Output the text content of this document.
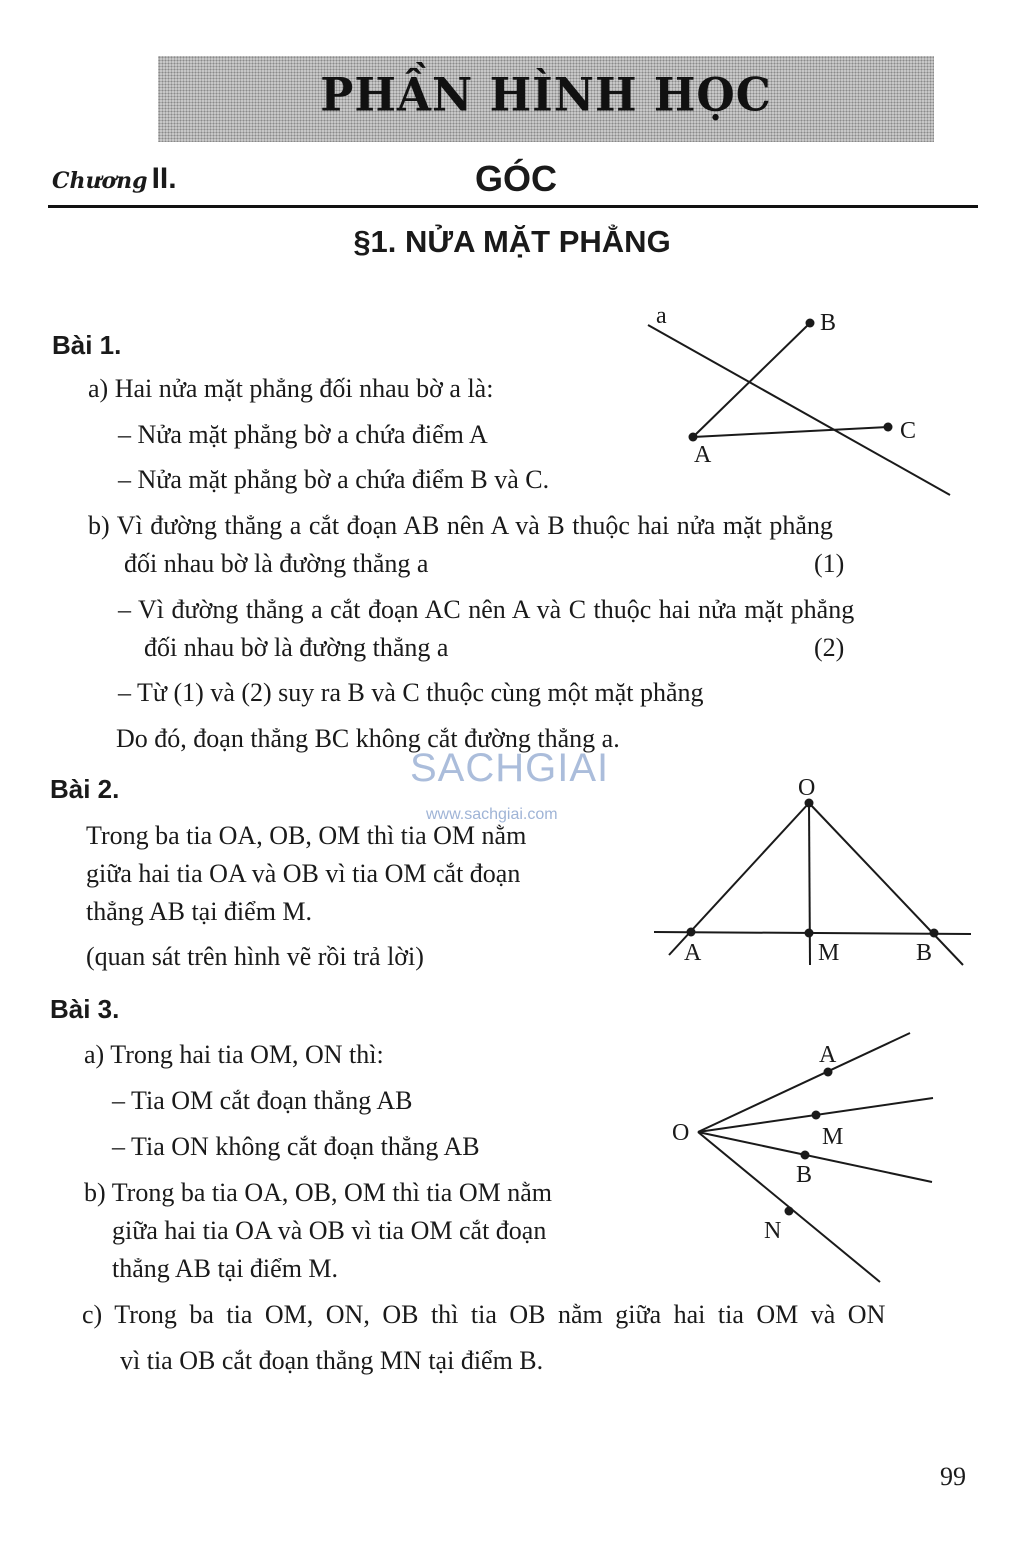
PHẦN HÌNH HỌC
Chương II.	GÓC
§1. NỬA MẶT PHẲNG
Bài 1.
a) Hai nửa mặt phẳng đối nhau bờ a là:
– Nửa mặt phẳng bờ a chứa điểm A
– Nửa mặt phẳng bờ a chứa điểm B và C.
b) Vì đường thẳng a cắt đoạn AB nên A và B thuộc hai nửa mặt phẳng
đối nhau bờ là đường thẳng a	(1)
– Vì đường thẳng a cắt đoạn AC nên A và C thuộc hai nửa mặt phẳng
đối nhau bờ là đường thẳng a	(2)
– Từ (1) và (2) suy ra B và C thuộc cùng một mặt phẳng
Do đó, đoạn thẳng BC không cắt đường thẳng a.
a	B
C
A
SACHGIAI
www.sachgiai.com
Bài 2.
Trong ba tia OA, OB, OM thì tia OM nằm
giữa hai tia OA và OB vì tia OM cắt đoạn
thẳng AB tại điểm M.
(quan sát trên hình vẽ rồi trả lời)
O
A	M	B
Bài 3.
a) Trong hai tia OM, ON thì:
– Tia OM cắt đoạn thẳng AB
– Tia ON không cắt đoạn thẳng AB
b) Trong ba tia OA, OB, OM thì tia OM nằm
giữa hai tia OA và OB vì tia OM cắt đoạn
thẳng AB tại điểm M.
c) Trong ba tia OM, ON, OB thì tia OB nằm giữa hai tia OM và ON
vì tia OB cắt đoạn thẳng MN tại điểm B.
O
A
M
B
N
99
